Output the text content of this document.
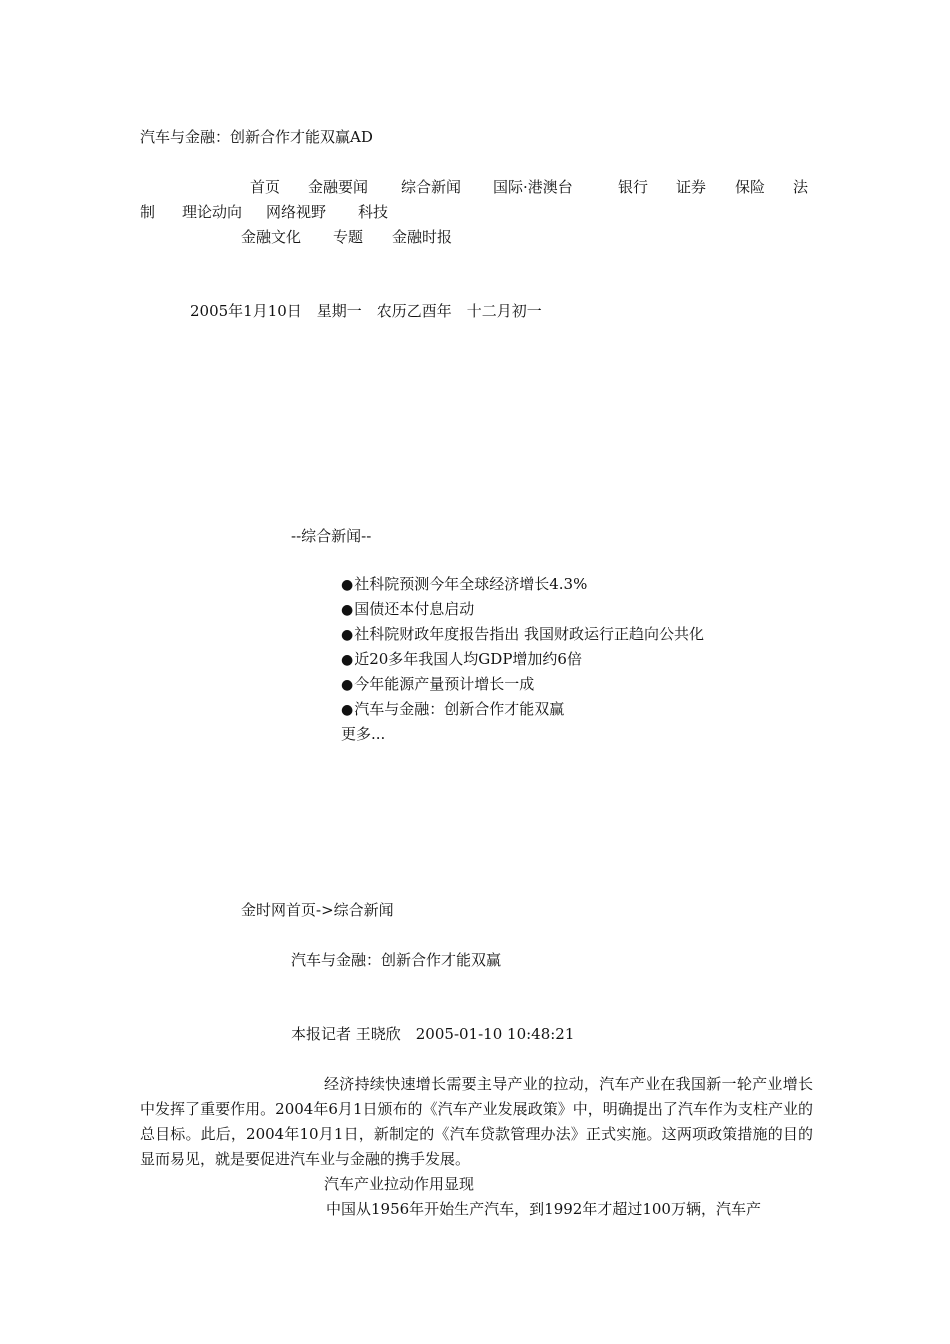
汽车与金融：创新合作才能双赢AD
首页 金融要闻 综合新闻 国际·港澳台	银行 证券 保险 法
制 理论动向 网络视野 科技
金融文化 专题 金融时报
2005年1月10日　星期一　农历乙酉年　十二月初一
--综合新闻--
●社科院预测今年全球经济增长4.3%
●国债还本付息启动
●社科院财政年度报告指出 我国财政运行正趋向公共化
●近20多年我国人均GDP增加约6倍
●今年能源产量预计增长一成
●汽车与金融：创新合作才能双赢
更多...
金时网首页->综合新闻
汽车与金融：创新合作才能双赢
本报记者 王晓欣　2005-01-10 10:48:21
经济持续快速增长需要主导产业的拉动，汽车产业在我国新一轮产业增长中发挥了重要作用。2004年6月1日颁布的《汽车产业发展政策》中，明确提出了汽车作为支柱产业的总目标。此后，2004年10月1日，新制定的《汽车贷款管理办法》正式实施。这两项政策措施的目的显而易见，就是要促进汽车业与金融的携手发展。
汽车产业拉动作用显现
中国从1956年开始生产汽车，到1992年才超过100万辆，汽车产
